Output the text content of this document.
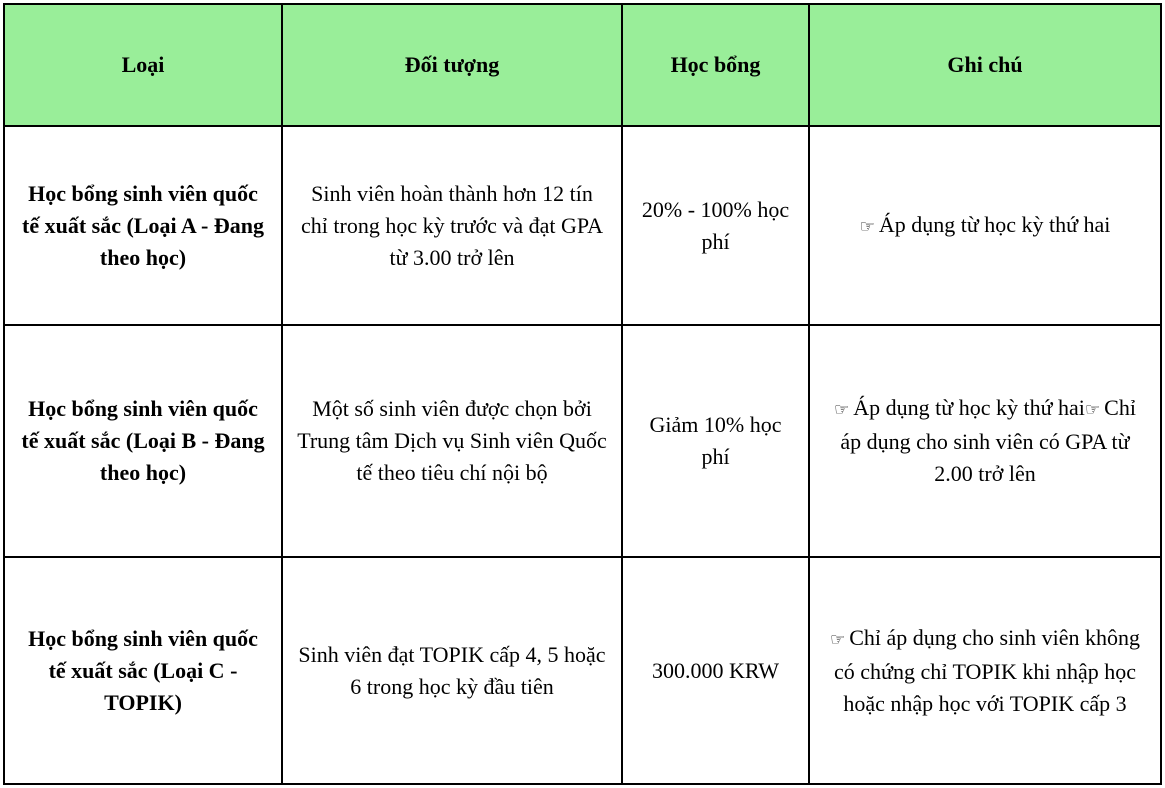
Loại	Đối tượng	Học bổng	Ghi chú
Học bổng sinh viên quốc tế xuất sắc (Loại A - Đang theo học)	Sinh viên hoàn thành hơn 12 tín chỉ trong học kỳ trước và đạt GPA từ 3.00 trở lên	20% - 100% học phí	☞ Áp dụng từ học kỳ thứ hai
Học bổng sinh viên quốc tế xuất sắc (Loại B - Đang theo học)	Một số sinh viên được chọn bởi Trung tâm Dịch vụ Sinh viên Quốc tế theo tiêu chí nội bộ	Giảm 10% học phí	☞ Áp dụng từ học kỳ thứ hai☞ Chỉ áp dụng cho sinh viên có GPA từ 2.00 trở lên
Học bổng sinh viên quốc tế xuất sắc (Loại C - TOPIK)	Sinh viên đạt TOPIK cấp 4, 5 hoặc 6 trong học kỳ đầu tiên	300.000 KRW	☞ Chỉ áp dụng cho sinh viên không có chứng chỉ TOPIK khi nhập học hoặc nhập học với TOPIK cấp 3
